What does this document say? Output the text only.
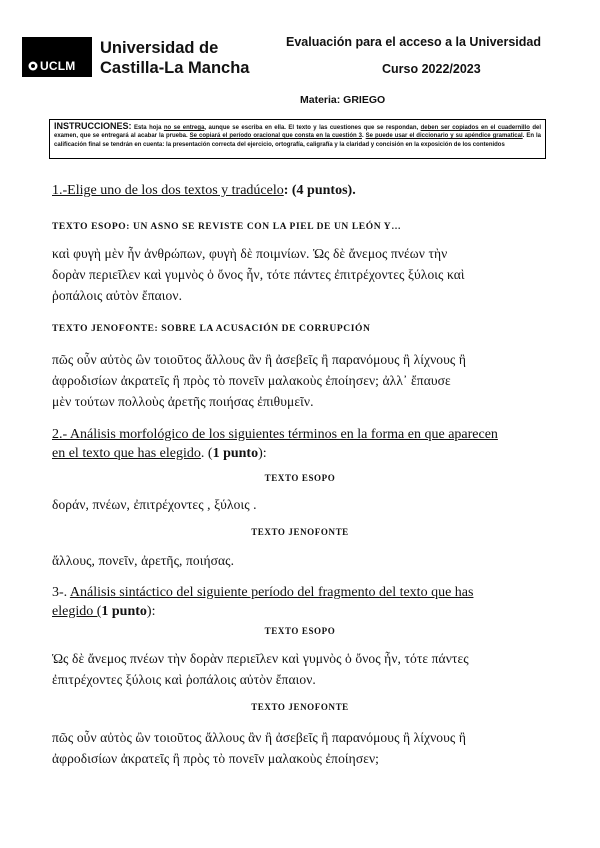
UCLM
Universidad de
Castilla-La Mancha
Evaluación para el acceso a la Universidad
Curso 2022/2023
Materia: GRIEGO
INSTRUCCIONES: Esta hoja no se entrega, aunque se escriba en ella. El texto y las cuestiones que se respondan, deben ser copiados en el cuadernillo del examen, que se entregará al acabar la prueba. Se copiará el período oracional que consta en la cuestión 3. Se puede usar el diccionario y su apéndice gramatical. En la calificación final se tendrán en cuenta: la presentación correcta del ejercicio, ortografía, caligrafía y la claridad y concisión en la exposición de los contenidos
1.-Elige uno de los dos textos y tradúcelo: (4 puntos).
TEXTO ESOPO: UN ASNO SE REVISTE CON LA PIEL DE UN LEÓN Y…
καὶ φυγὴ μὲν ἦν ἀνθρώπων, φυγὴ δὲ ποιμνίων. Ὡς δὲ ἄνεμος πνέων τὴν
δορὰν περιεῖλεν καὶ γυμνὸς ὁ ὄνος ἦν, τότε πάντες ἐπιτρέχοντες ξύλοις καὶ
ῥοπάλοις αὐτὸν ἔπαιον.
TEXTO JENOFONTE: SOBRE LA ACUSACIÓN DE CORRUPCIÓN
πῶς οὖν αὐτὸς ὢν τοιοῦτος ἄλλους ἂν ἢ ἀσεβεῖς ἢ παρανόμους ἢ λίχνους ἢ
ἀφροδισίων ἀκρατεῖς ἢ πρὸς τὸ πονεῖν μαλακοὺς ἐποίησεν; ἀλλ᾽ ἔπαυσε
μὲν τούτων πολλοὺς ἀρετῆς ποιήσας ἐπιθυμεῖν.
2.- Análisis morfológico de los siguientes términos en la forma en que aparecen
en el texto que has elegido. (1 punto):
TEXTO ESOPO
δοράν, πνέων, ἐπιτρέχοντες , ξύλοις .
TEXTO JENOFONTE
ἄλλους, πονεῖν, ἀρετῆς, ποιήσας.
3-. Análisis sintáctico del siguiente período del fragmento del texto que has
elegido (1 punto):
TEXTO ESOPO
Ὡς δὲ ἄνεμος πνέων τὴν δορὰν περιεῖλεν καὶ γυμνὸς ὁ ὄνος ἦν, τότε πάντες
ἐπιτρέχοντες ξύλοις καὶ ῥοπάλοις αὐτὸν ἔπαιον.
TEXTO JENOFONTE
πῶς οὖν αὐτὸς ὢν τοιοῦτος ἄλλους ἂν ἢ ἀσεβεῖς ἢ παρανόμους ἢ λίχνους ἢ
ἀφροδισίων ἀκρατεῖς ἢ πρὸς τὸ πονεῖν μαλακοὺς ἐποίησεν;
